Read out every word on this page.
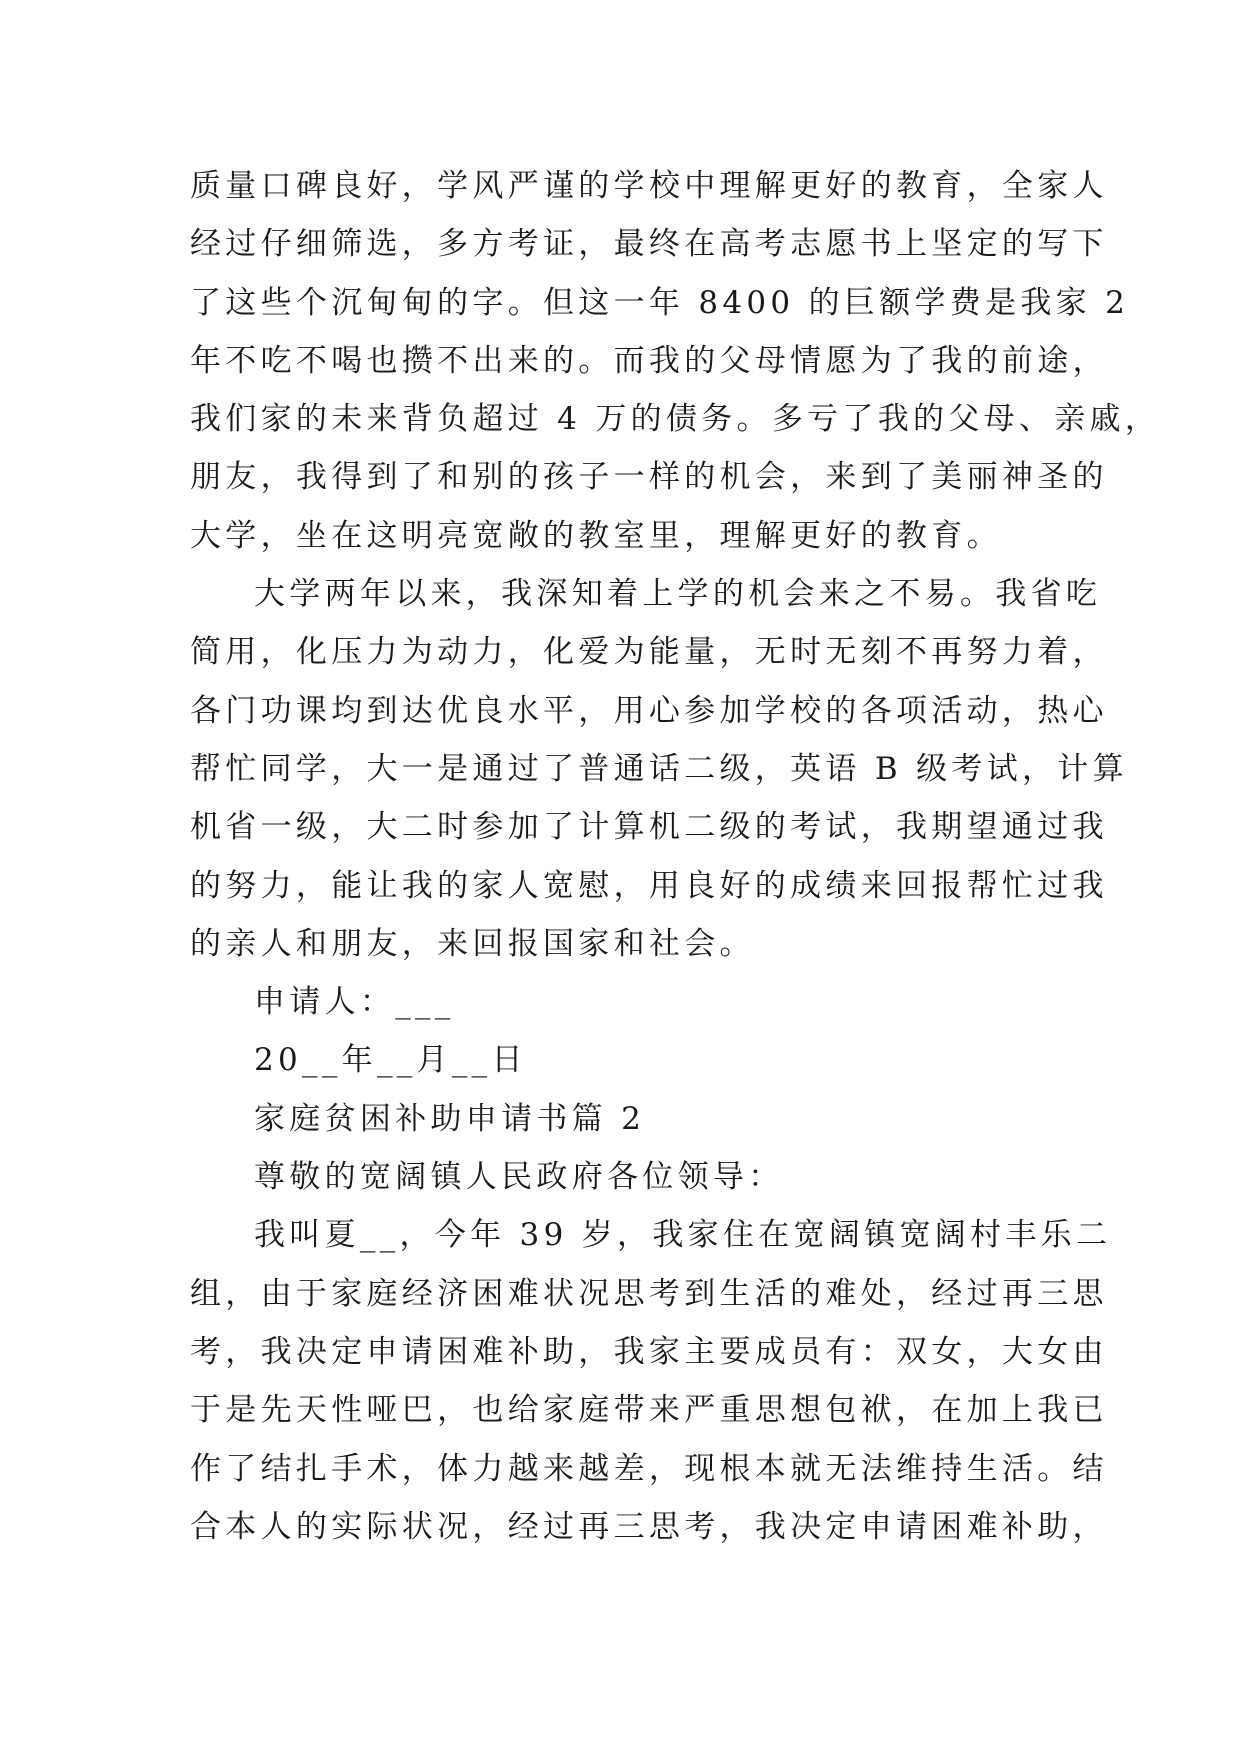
质量口碑良好，学风严谨的学校中理解更好的教育，全家人
经过仔细筛选，多方考证，最终在高考志愿书上坚定的写下
了这些个沉甸甸的字。但这一年 8400 的巨额学费是我家 2
年不吃不喝也攒不出来的。而我的父母情愿为了我的前途，
我们家的未来背负超过 4 万的债务。多亏了我的父母、亲戚，
朋友，我得到了和别的孩子一样的机会，来到了美丽神圣的
大学，坐在这明亮宽敞的教室里，理解更好的教育。
大学两年以来，我深知着上学的机会来之不易。我省吃
简用，化压力为动力，化爱为能量，无时无刻不再努力着，
各门功课均到达优良水平，用心参加学校的各项活动，热心
帮忙同学，大一是通过了普通话二级，英语 B 级考试，计算
机省一级，大二时参加了计算机二级的考试，我期望通过我
的努力，能让我的家人宽慰，用良好的成绩来回报帮忙过我
的亲人和朋友，来回报国家和社会。
申请人：___
20__年__月__日
家庭贫困补助申请书篇 2
尊敬的宽阔镇人民政府各位领导：
我叫夏__，今年 39 岁，我家住在宽阔镇宽阔村丰乐二
组，由于家庭经济困难状况思考到生活的难处，经过再三思
考，我决定申请困难补助，我家主要成员有：双女，大女由
于是先天性哑巴，也给家庭带来严重思想包袱，在加上我已
作了结扎手术，体力越来越差，现根本就无法维持生活。结
合本人的实际状况，经过再三思考，我决定申请困难补助，
